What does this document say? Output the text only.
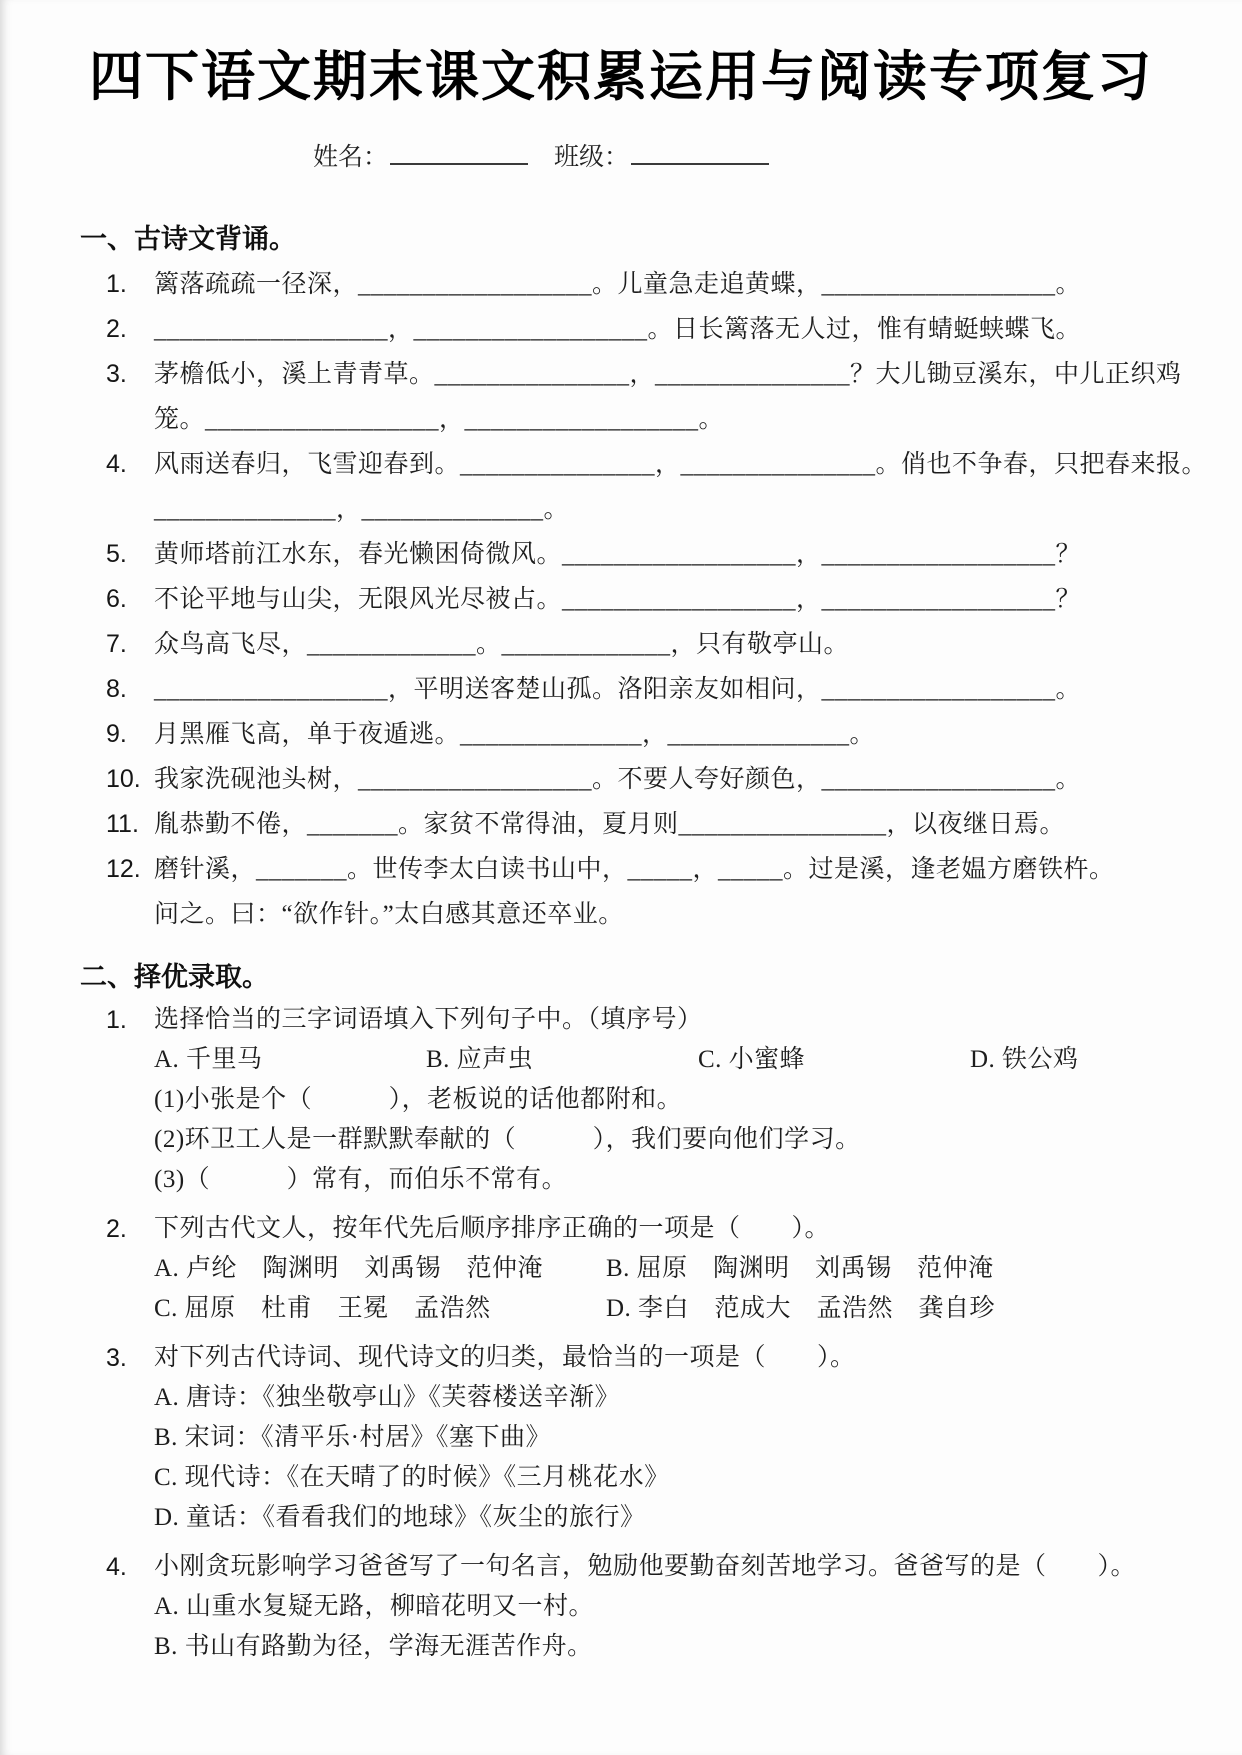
四下语文期末课文积累运用与阅读专项复习
姓名：	班级：
一、古诗文背诵。
1.	篱落疏疏一径深，__________________。儿童急走追黄蝶，__________________。
2.	__________________，__________________。日长篱落无人过，惟有蜻蜓蛱蝶飞。
3.	茅檐低小，溪上青青草。_______________，_______________？大儿锄豆溪东，中儿正织鸡
笼。__________________，__________________。
4.	风雨送春归，飞雪迎春到。_______________，_______________。俏也不争春，只把春来报。
______________，______________。
5.	黄师塔前江水东，春光懒困倚微风。__________________，__________________？
6.	不论平地与山尖，无限风光尽被占。__________________，__________________？
7.	众鸟高飞尽，_____________。_____________，只有敬亭山。
8.	__________________，平明送客楚山孤。洛阳亲友如相问，__________________。
9.	月黑雁飞高，单于夜遁逃。______________，______________。
10. 我家洗砚池头树，__________________。不要人夸好颜色，__________________。
11. 胤恭勤不倦，_______。家贫不常得油，夏月则________________，以夜继日焉。
12. 磨针溪，_______。世传李太白读书山中，_____，_____。过是溪，逢老媪方磨铁杵。
问之。曰：“欲作针。”太白感其意还卒业。
二、择优录取。
1.	选择恰当的三字词语填入下列句子中。（填序号）
A. 千里马	B. 应声虫	C. 小蜜蜂	D. 铁公鸡
(1)小张是个（　　　），老板说的话他都附和。
(2)环卫工人是一群默默奉献的（　　　），我们要向他们学习。
(3)（　　　）常有，而伯乐不常有。
2.	下列古代文人，按年代先后顺序排序正确的一项是（　　）。
A. 卢纶　陶渊明　刘禹锡　范仲淹	B. 屈原　陶渊明　刘禹锡　范仲淹
C. 屈原　杜甫　王冕　孟浩然	D. 李白　范成大　孟浩然　龚自珍
3.	对下列古代诗词、现代诗文的归类，最恰当的一项是（　　）。
A. 唐诗：《独坐敬亭山》《芙蓉楼送辛渐》
B. 宋词：《清平乐·村居》《塞下曲》
C. 现代诗：《在天晴了的时候》《三月桃花水》
D. 童话：《看看我们的地球》《灰尘的旅行》
4.	小刚贪玩影响学习爸爸写了一句名言，勉励他要勤奋刻苦地学习。爸爸写的是（　　）。
A. 山重水复疑无路，柳暗花明又一村。
B. 书山有路勤为径，学海无涯苦作舟。
